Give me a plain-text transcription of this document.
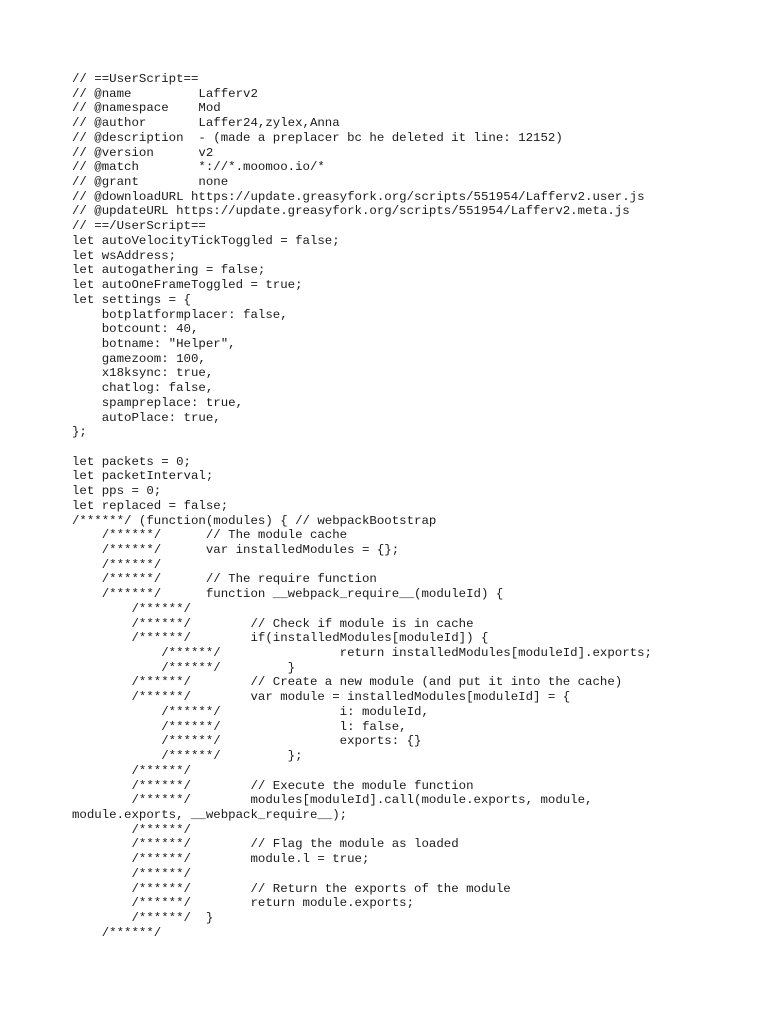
// ==UserScript==
// @name         Lafferv2
// @namespace    Mod
// @author       Laffer24,zylex,Anna
// @description  - (made a preplacer bc he deleted it line: 12152)
// @version      v2
// @match        *://*.moomoo.io/*
// @grant        none
// @downloadURL https://update.greasyfork.org/scripts/551954/Lafferv2.user.js
// @updateURL https://update.greasyfork.org/scripts/551954/Lafferv2.meta.js
// ==/UserScript==
let autoVelocityTickToggled = false;
let wsAddress;
let autogathering = false;
let autoOneFrameToggled = true;
let settings = {
botplatformplacer: false,
botcount: 40,
botname: "Helper",
gamezoom: 100,
x18ksync: true,
chatlog: false,
spampreplace: true,
autoPlace: true,
};
let packets = 0;
let packetInterval;
let pps = 0;
let replaced = false;
/******/ (function(modules) { // webpackBootstrap
/******/      // The module cache
/******/      var installedModules = {};
/******/
/******/      // The require function
/******/      function __webpack_require__(moduleId) {
/******/
/******/        // Check if module is in cache
/******/        if(installedModules[moduleId]) {
/******/                return installedModules[moduleId].exports;
/******/         }
/******/        // Create a new module (and put it into the cache)
/******/        var module = installedModules[moduleId] = {
/******/                i: moduleId,
/******/                l: false,
/******/                exports: {}
/******/         };
/******/
/******/        // Execute the module function
/******/        modules[moduleId].call(module.exports, module,
module.exports, __webpack_require__);
/******/
/******/        // Flag the module as loaded
/******/        module.l = true;
/******/
/******/        // Return the exports of the module
/******/        return module.exports;
/******/  }
/******/
